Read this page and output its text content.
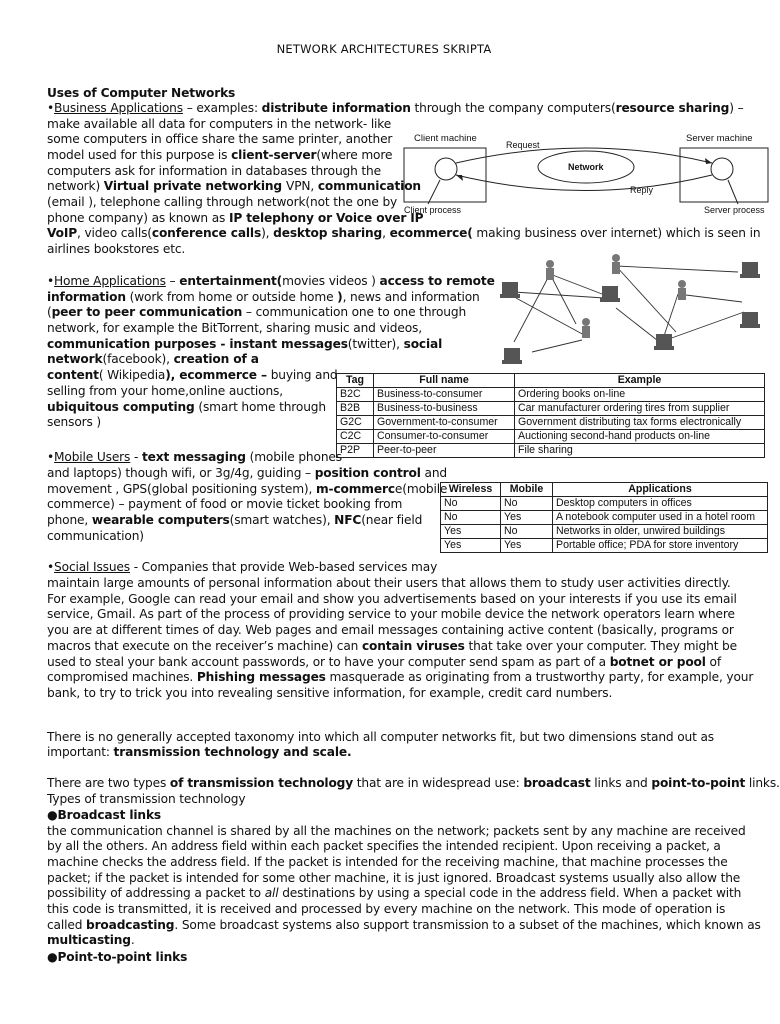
NETWORK ARCHITECTURES SKRIPTA
Uses of Computer Networks
•Business Applications – examples: distribute information through the company computers(resource sharing) –
make available all data for computers in the network- like
some computers in office share the same printer, another
model used for this purpose is client-server(where more
computers ask for information in databases through the
network) Virtual private networking VPN, communication
(email ), telephone calling through network(not the one by
phone company) as known as IP telephony or Voice over IP
VoIP, video calls(conference calls), desktop sharing, ecommerce( making business over internet) which is seen in
airlines bookstores etc.
Client machine	Server machine
Network
Request
Reply
Client process	Server process
•Home Applications – entertainment(movies videos ) access to remote
information (work from home or outside home ), news and information
(peer to peer communication – communication one to one through
network, for example the BitTorrent, sharing music and videos,
communication purposes - instant messages(twitter), social
network(facebook), creation of a
content( Wikipedia), ecommerce – buying and
selling from your home,online auctions,
ubiquitous computing (smart home through
sensors )
Tag	Full name	Example
B2C	Business-to-consumer	Ordering books on-line
B2B	Business-to-business	Car manufacturer ordering tires from supplier
G2C	Government-to-consumer	Government distributing tax forms electronically
C2C	Consumer-to-consumer	Auctioning second-hand products on-line
P2P	Peer-to-peer	File sharing
•Mobile Users - text messaging (mobile phones
and laptops) though wifi, or 3g/4g, guiding – position control and
movement , GPS(global positioning system), m-commerce(mobile
commerce) – payment of food or movie ticket booking from
phone, wearable computers(smart watches), NFC(near field
communication)
Wireless	Mobile	Applications
No	No	Desktop computers in offices
No	Yes	A notebook computer used in a hotel room
Yes	No	Networks in older, unwired buildings
Yes	Yes	Portable office; PDA for store inventory
•Social Issues - Companies that provide Web-based services may
maintain large amounts of personal information about their users that allows them to study user activities directly.
For example, Google can read your email and show you advertisements based on your interests if you use its email
service, Gmail. As part of the process of providing service to your mobile device the network operators learn where
you are at different times of day. Web pages and email messages containing active content (basically, programs or
macros that execute on the receiver’s machine) can contain viruses that take over your computer. They might be
used to steal your bank account passwords, or to have your computer send spam as part of a botnet or pool of
compromised machines. Phishing messages masquerade as originating from a trustworthy party, for example, your
bank, to try to trick you into revealing sensitive information, for example, credit card numbers.
There is no generally accepted taxonomy into which all computer networks fit, but two dimensions stand out as
important: transmission technology and scale.
There are two types of transmission technology that are in widespread use: broadcast links and point-to-point links.
Types of transmission technology
●Broadcast links
the communication channel is shared by all the machines on the network; packets sent by any machine are received
by all the others. An address field within each packet specifies the intended recipient. Upon receiving a packet, a
machine checks the address field. If the packet is intended for the receiving machine, that machine processes the
packet; if the packet is intended for some other machine, it is just ignored. Broadcast systems usually also allow the
possibility of addressing a packet to all destinations by using a special code in the address field. When a packet with
this code is transmitted, it is received and processed by every machine on the network. This mode of operation is
called broadcasting. Some broadcast systems also support transmission to a subset of the machines, which known as
multicasting.
●Point-to-point links
